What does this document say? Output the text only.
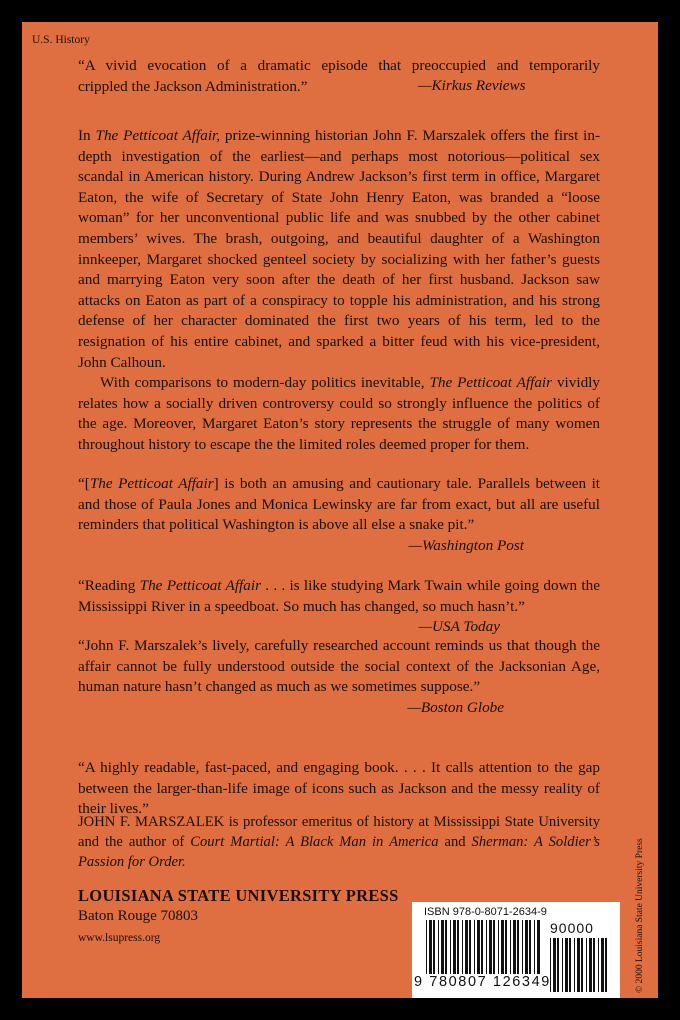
U.S. History
“A vivid evocation of a dramatic episode that preoccupied and temporarily
crippled the Jackson Administration.”	—Kirkus Reviews
In The Petticoat Affair, prize-winning historian John F. Marszalek offers the first in-depth investigation of the earliest—and perhaps most notorious—political sex scandal in American history. During Andrew Jackson’s first term in office, Margaret Eaton, the wife of Secretary of State John Henry Eaton, was branded a “loose woman” for her unconventional public life and was snubbed by the other cabinet members’ wives. The brash, outgoing, and beautiful daughter of a Washington innkeeper, Margaret shocked genteel society by socializing with her father’s guests and marrying Eaton very soon after the death of her first husband. Jackson saw attacks on Eaton as part of a conspiracy to topple his administration, and his strong defense of her character dominated the first two years of his term, led to the resignation of his entire cabinet, and sparked a bitter feud with his vice-president, John Calhoun.
With comparisons to modern-day politics inevitable, The Petticoat Affair vividly relates how a socially driven controversy could so strongly influence the politics of the age. Moreover, Margaret Eaton’s story represents the struggle of many women throughout history to escape the the limited roles deemed proper for them.
“[The Petticoat Affair] is both an amusing and cautionary tale. Parallels between it and those of Paula Jones and Monica Lewinsky are far from exact, but all are useful reminders that political Washington is above all else a snake pit.”
—Washington Post
“Reading The Petticoat Affair . . . is like studying Mark Twain while going down the Mississippi River in a speedboat. So much has changed, so much hasn’t.”
—USA Today
“John F. Marszalek’s lively, carefully researched account reminds us that though the affair cannot be fully understood outside the social context of the Jacksonian Age, human nature hasn’t changed as much as we sometimes suppose.”
—Boston Globe
“A highly readable, fast-paced, and engaging book. . . . It calls attention to the gap between the larger-than-life image of icons such as Jackson and the messy reality of their lives.”
JOHN F. MARSZALEK is professor emeritus of history at Mississippi State University and the author of Court Martial: A Black Man in America and Sherman: A Soldier’s Passion for Order.
LOUISIANA STATE UNIVERSITY PRESS
Baton Rouge 70803
www.lsupress.org	© 2000 Louisiana State University Press
ISBN 978-0-8071-2634-9
90000
9 780807 126349
